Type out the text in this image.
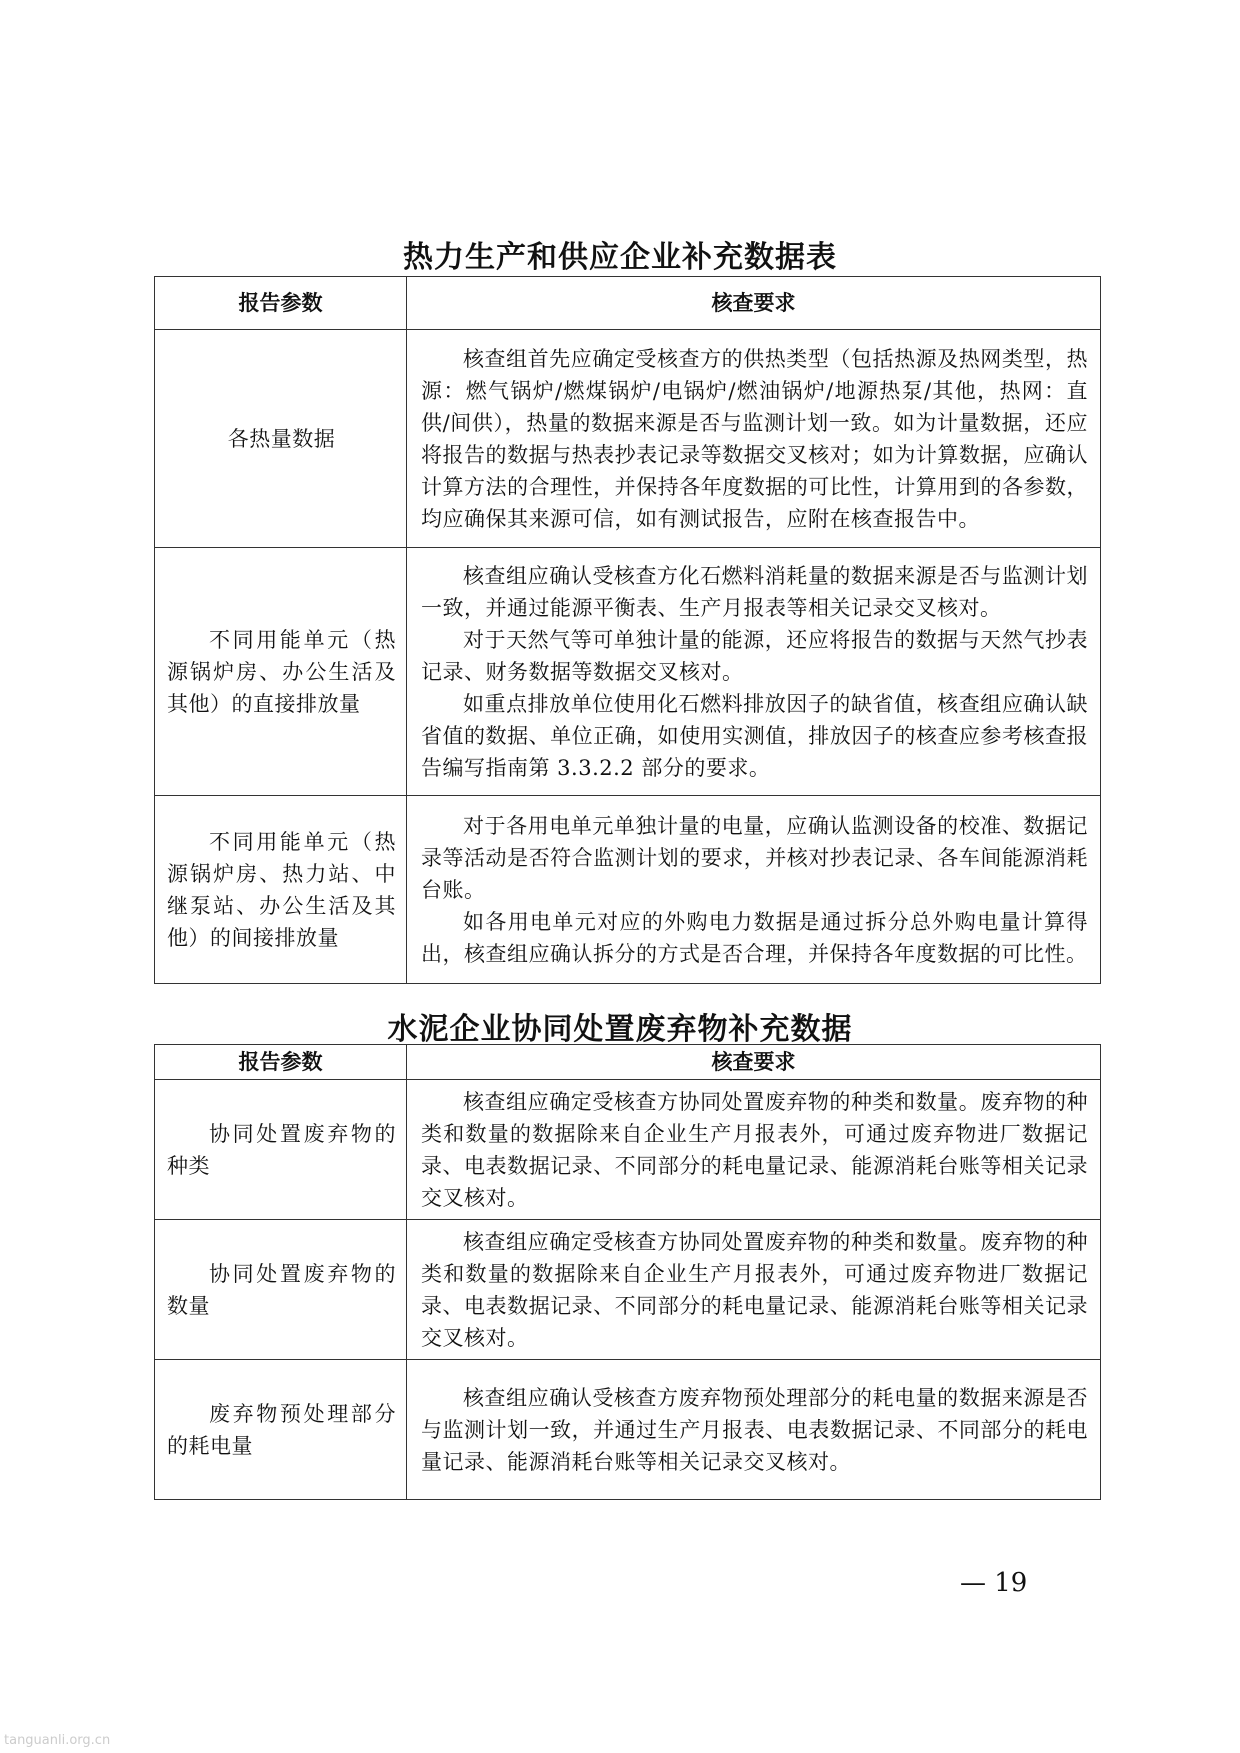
热力生产和供应企业补充数据表
报告参数	核查要求

各热量数据	核查组首先应确定受核查方的供热类型（包括热源及热网类型，热源：燃气锅炉/燃煤锅炉/电锅炉/燃油锅炉/地源热泵/其他，热网：直供/间供），热量的数据来源是否与监测计划一致。如为计量数据，还应将报告的数据与热表抄表记录等数据交叉核对；如为计算数据，应确认计算方法的合理性，并保持各年度数据的可比性，计算用到的各参数，均应确保其来源可信，如有测试报告，应附在核查报告中。

不同用能单元（热源锅炉房、办公生活及其他）的直接排放量	核查组应确认受核查方化石燃料消耗量的数据来源是否与监测计划一致，并通过能源平衡表、生产月报表等相关记录交叉核对。

对于天然气等可单独计量的能源，还应将报告的数据与天然气抄表记录、财务数据等数据交叉核对。

如重点排放单位使用化石燃料排放因子的缺省值，核查组应确认缺省值的数据、单位正确，如使用实测值，排放因子的核查应参考核查报告编写指南第 3.3.2.2 部分的要求。

不同用能单元（热源锅炉房、热力站、中继泵站、办公生活及其他）的间接排放量	对于各用电单元单独计量的电量，应确认监测设备的校准、数据记录等活动是否符合监测计划的要求，并核对抄表记录、各车间能源消耗台账。

如各用电单元对应的外购电力数据是通过拆分总外购电量计算得出，核查组应确认拆分的方式是否合理，并保持各年度数据的可比性。

水泥企业协同处置废弃物补充数据
报告参数	核查要求

协同处置废弃物的种类	核查组应确定受核查方协同处置废弃物的种类和数量。废弃物的种类和数量的数据除来自企业生产月报表外，可通过废弃物进厂数据记录、电表数据记录、不同部分的耗电量记录、能源消耗台账等相关记录交叉核对。

协同处置废弃物的数量	核查组应确定受核查方协同处置废弃物的种类和数量。废弃物的种类和数量的数据除来自企业生产月报表外，可通过废弃物进厂数据记录、电表数据记录、不同部分的耗电量记录、能源消耗台账等相关记录交叉核对。

废弃物预处理部分的耗电量	核查组应确认受核查方废弃物预处理部分的耗电量的数据来源是否与监测计划一致，并通过生产月报表、电表数据记录、不同部分的耗电量记录、能源消耗台账等相关记录交叉核对。

— 19
tanguanli.org.cn
